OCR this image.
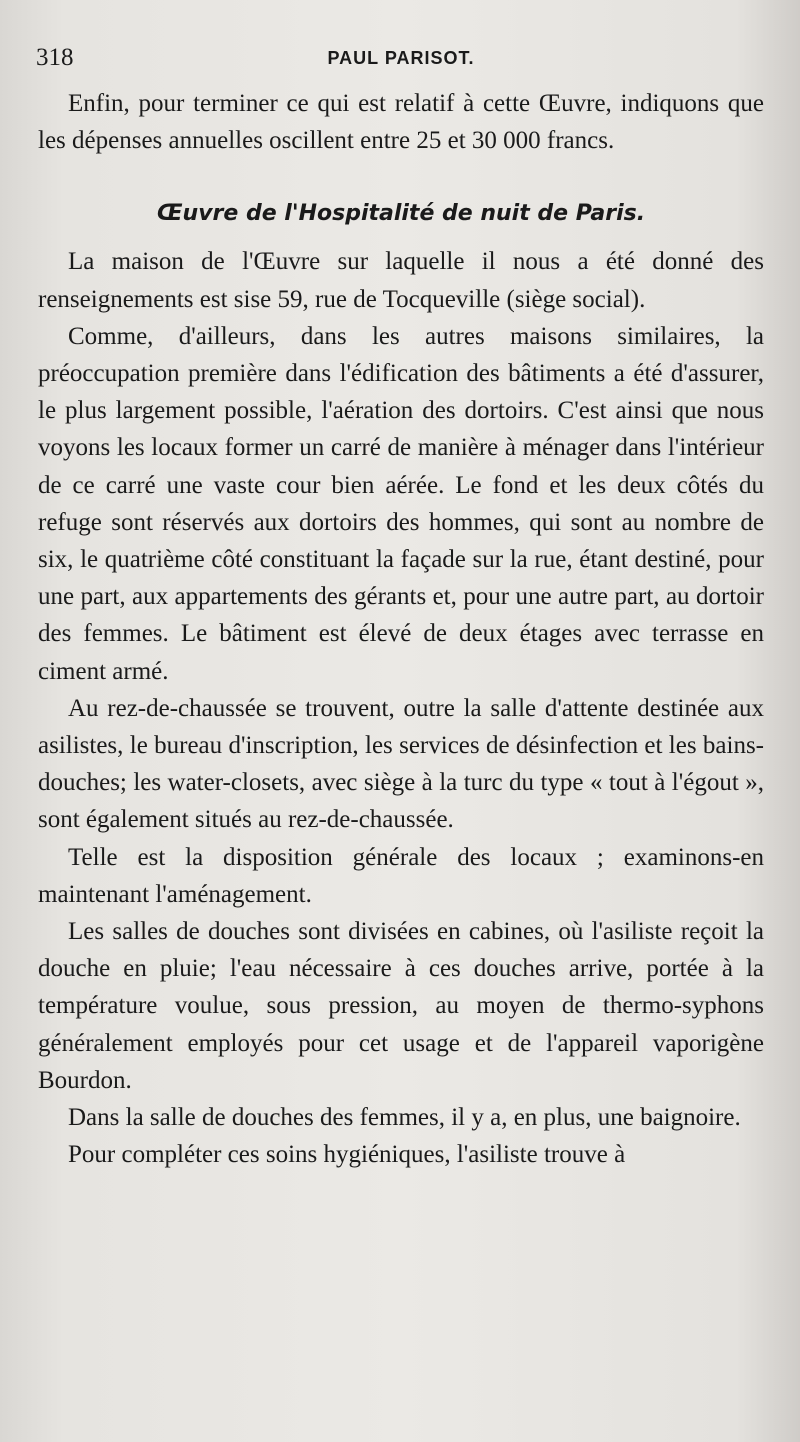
318	PAUL PARISOT.

Enfin, pour terminer ce qui est relatif à cette Œuvre, indiquons que les dépenses annuelles oscillent entre 25 et 30 000 francs.

Œuvre de l'Hospitalité de nuit de Paris.

La maison de l'Œuvre sur laquelle il nous a été donné des renseignements est sise 59, rue de Tocqueville (siège social).

Comme, d'ailleurs, dans les autres maisons similaires, la préoccupation première dans l'édification des bâtiments a été d'assurer, le plus largement possible, l'aération des dortoirs. C'est ainsi que nous voyons les locaux former un carré de manière à ménager dans l'intérieur de ce carré une vaste cour bien aérée. Le fond et les deux côtés du refuge sont réservés aux dortoirs des hommes, qui sont au nombre de six, le quatrième côté constituant la façade sur la rue, étant destiné, pour une part, aux appartements des gérants et, pour une autre part, au dortoir des femmes. Le bâtiment est élevé de deux étages avec terrasse en ciment armé.

Au rez-de-chaussée se trouvent, outre la salle d'attente destinée aux asilistes, le bureau d'inscription, les services de désinfection et les bains-douches; les water-closets, avec siège à la turc du type « tout à l'égout », sont également situés au rez-de-chaussée.

Telle est la disposition générale des locaux ; examinons-en maintenant l'aménagement.

Les salles de douches sont divisées en cabines, où l'asiliste reçoit la douche en pluie; l'eau nécessaire à ces douches arrive, portée à la température voulue, sous pression, au moyen de thermo-syphons généralement employés pour cet usage et de l'appareil vaporigène Bourdon.

Dans la salle de douches des femmes, il y a, en plus, une baignoire.

Pour compléter ces soins hygiéniques, l'asiliste trouve à
